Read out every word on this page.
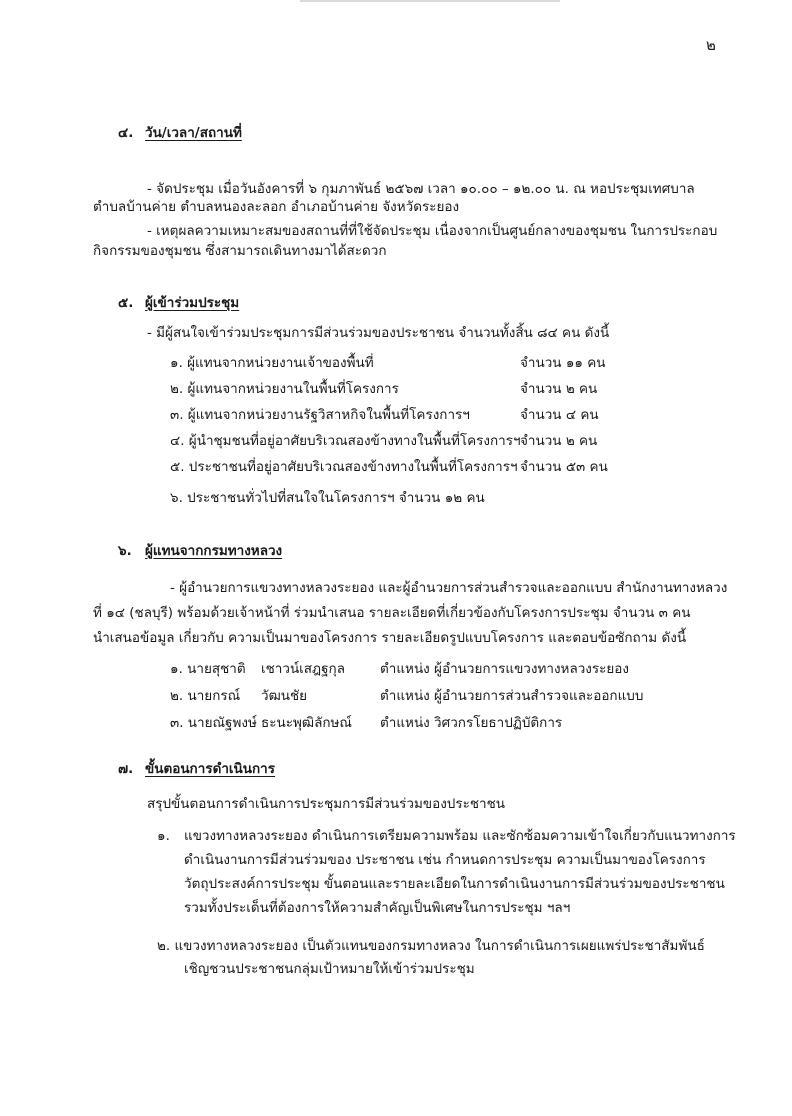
๒
๔. วัน/เวลา/สถานที่
- จัดประชุม เมื่อวันอังคารที่ ๖ กุมภาพันธ์ ๒๕๖๗ เวลา ๑๐.๐๐ – ๑๒.๐๐ น. ณ หอประชุมเทศบาล
ตำบลบ้านค่าย ตำบลหนองละลอก อำเภอบ้านค่าย จังหวัดระยอง
- เหตุผลความเหมาะสมของสถานที่ที่ใช้จัดประชุม เนื่องจากเป็นศูนย์กลางของชุมชน ในการประกอบ
กิจกรรมของชุมชน ซึ่งสามารถเดินทางมาได้สะดวก
๕. ผู้เข้าร่วมประชุม
- มีผู้สนใจเข้าร่วมประชุมการมีส่วนร่วมของประชาชน จำนวนทั้งสิ้น ๘๔ คน ดังนี้
๑. ผู้แทนจากหน่วยงานเจ้าของพื้นที่	จำนวน ๑๑ คน
๒. ผู้แทนจากหน่วยงานในพื้นที่โครงการ	จำนวน ๒ คน
๓. ผู้แทนจากหน่วยงานรัฐวิสาหกิจในพื้นที่โครงการฯ	จำนวน ๔ คน
๔. ผู้นำชุมชนที่อยู่อาศัยบริเวณสองข้างทางในพื้นที่โครงการฯ จำนวน ๒ คน
๕. ประชาชนที่อยู่อาศัยบริเวณสองข้างทางในพื้นที่โครงการฯ จำนวน ๕๓ คน
๖. ประชาชนทั่วไปที่สนใจในโครงการฯ จำนวน ๑๒ คน
๖. ผู้แทนจากกรมทางหลวง
- ผู้อำนวยการแขวงทางหลวงระยอง และผู้อำนวยการส่วนสำรวจและออกแบบ สำนักงานทางหลวง
ที่ ๑๔ (ชลบุรี) พร้อมด้วยเจ้าหน้าที่ ร่วมนำเสนอ รายละเอียดที่เกี่ยวข้องกับโครงการประชุม จำนวน ๓ คน
นำเสนอข้อมูล เกี่ยวกับ ความเป็นมาของโครงการ รายละเอียดรูปแบบโครงการ และตอบข้อซักถาม ดังนี้
๑. นายสุชาติ เชาวน์เสฎฐกุล	ตำแหน่ง ผู้อำนวยการแขวงทางหลวงระยอง
๒. นายกรณ์ วัฒนชัย	ตำแหน่ง ผู้อำนวยการส่วนสำรวจและออกแบบ
๓. นายณัฐพงษ์ ธะนะพุฒิลักษณ์ ตำแหน่ง วิศวกรโยธาปฏิบัติการ
๗. ขั้นตอนการดำเนินการ
สรุปขั้นตอนการดำเนินการประชุมการมีส่วนร่วมของประชาชน
๑. แขวงทางหลวงระยอง ดำเนินการเตรียมความพร้อม และซักซ้อมความเข้าใจเกี่ยวกับแนวทางการ
ดำเนินงานการมีส่วนร่วมของ ประชาชน เช่น กำหนดการประชุม ความเป็นมาของโครงการ
วัตถุประสงค์การประชุม ขั้นตอนและรายละเอียดในการดำเนินงานการมีส่วนร่วมของประชาชน
รวมทั้งประเด็นที่ต้องการให้ความสำคัญเป็นพิเศษในการประชุม ฯลฯ
๒. แขวงทางหลวงระยอง เป็นตัวแทนของกรมทางหลวง ในการดำเนินการเผยแพร่ประชาสัมพันธ์
เชิญชวนประชาชนกลุ่มเป้าหมายให้เข้าร่วมประชุม
